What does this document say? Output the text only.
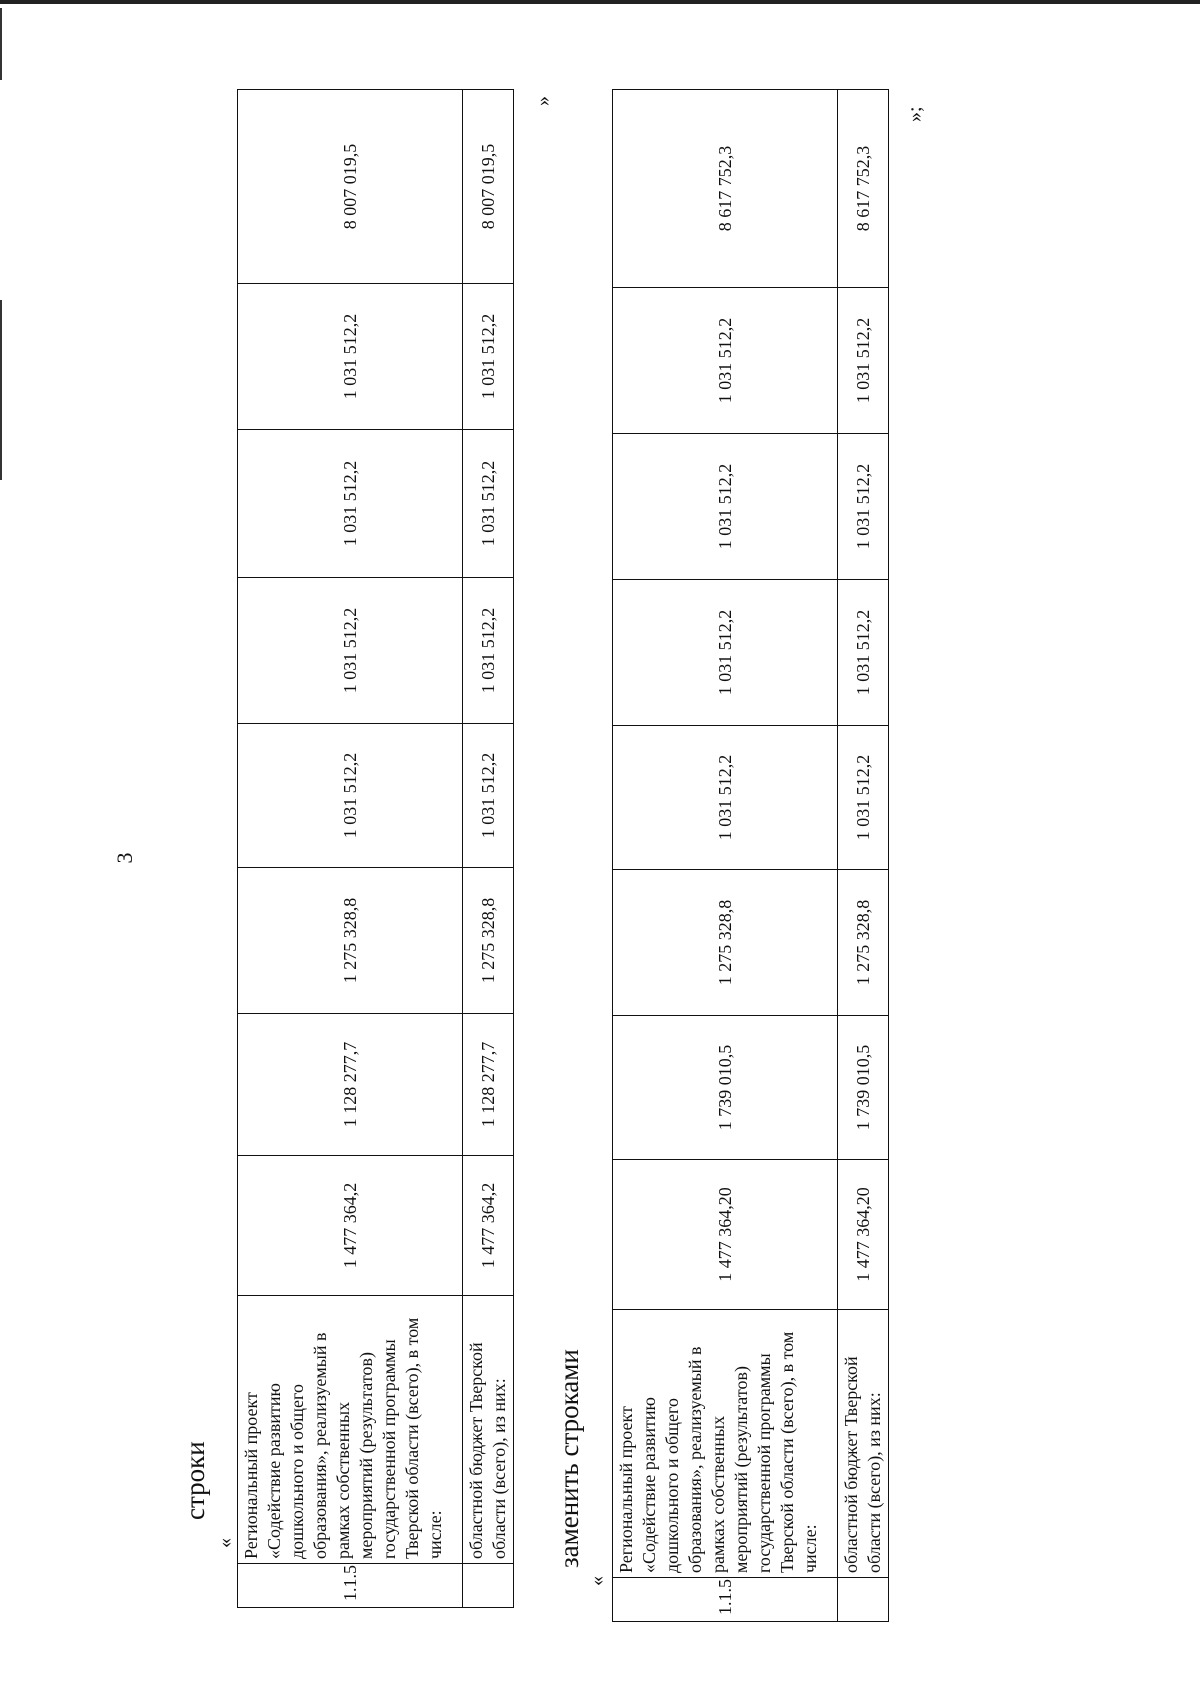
3
строки
«
»
1.1.5	Региональный проект «Содействие развитию дошкольного и общего образования», реализуемый в рамках собственных мероприятий (результатов) государственной программы Тверской области (всего), в том числе:	1 477 364,2	1 128 277,7	1 275 328,8	1 031 512,2	1 031 512,2	1 031 512,2	1 031 512,2	8 007 019,5
	областной бюджет Тверской области (всего), из них:	1 477 364,2	1 128 277,7	1 275 328,8	1 031 512,2	1 031 512,2	1 031 512,2	1 031 512,2	8 007 019,5
заменить строками
«
»;
1.1.5	Региональный проект «Содействие развитию дошкольного и общего образования», реализуемый в рамках собственных мероприятий (результатов) государственной программы Тверской области (всего), в том числе:	1 477 364,20	1 739 010,5	1 275 328,8	1 031 512,2	1 031 512,2	1 031 512,2	1 031 512,2	8 617 752,3
	областной бюджет Тверской области (всего), из них:	1 477 364,20	1 739 010,5	1 275 328,8	1 031 512,2	1 031 512,2	1 031 512,2	1 031 512,2	8 617 752,3
